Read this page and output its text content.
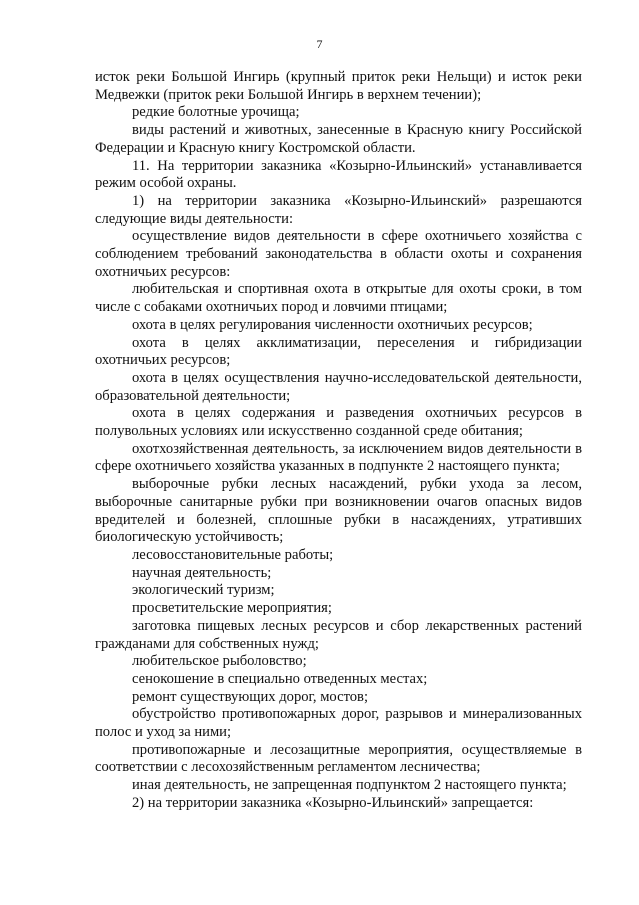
7

исток реки Большой Ингирь (крупный приток реки Нельщи) и исток реки Медвежки (приток реки Большой Ингирь в верхнем течении);

редкие болотные урочища;

виды растений и животных, занесенные в Красную книгу Российской Федерации и Красную книгу Костромской области.

11. На территории заказника «Козырно-Ильинский» устанавливается режим особой охраны.

1) на территории заказника «Козырно-Ильинский» разрешаются следующие виды деятельности:

осуществление видов деятельности в сфере охотничьего хозяйства с соблюдением требований законодательства в области охоты и сохранения охотничьих ресурсов:

любительская и спортивная охота в открытые для охоты сроки, в том числе с собаками охотничьих пород и ловчими птицами;

охота в целях регулирования численности охотничьих ресурсов;

охота в целях акклиматизации, переселения и гибридизации охотничьих ресурсов;

охота в целях осуществления научно-исследовательской деятельности, образовательной деятельности;

охота в целях содержания и разведения охотничьих ресурсов в полувольных условиях или искусственно созданной среде обитания;

охотхозяйственная деятельность, за исключением видов деятельности в сфере охотничьего хозяйства указанных в подпункте 2 настоящего пункта;

выборочные рубки лесных насаждений, рубки ухода за лесом, выборочные санитарные рубки при возникновении очагов опасных видов вредителей и болезней, сплошные рубки в насаждениях, утративших биологическую устойчивость;

лесовосстановительные работы;

научная деятельность;

экологический туризм;

просветительские мероприятия;

заготовка пищевых лесных ресурсов и сбор лекарственных растений гражданами для собственных нужд;

любительское рыболовство;

сенокошение в специально отведенных местах;

ремонт существующих дорог, мостов;

обустройство противопожарных дорог, разрывов и минерализованных полос и уход за ними;

противопожарные и лесозащитные мероприятия, осуществляемые в соответствии с лесохозяйственным регламентом лесничества;

иная деятельность, не запрещенная подпунктом 2 настоящего пункта;

2) на территории заказника «Козырно-Ильинский» запрещается:
